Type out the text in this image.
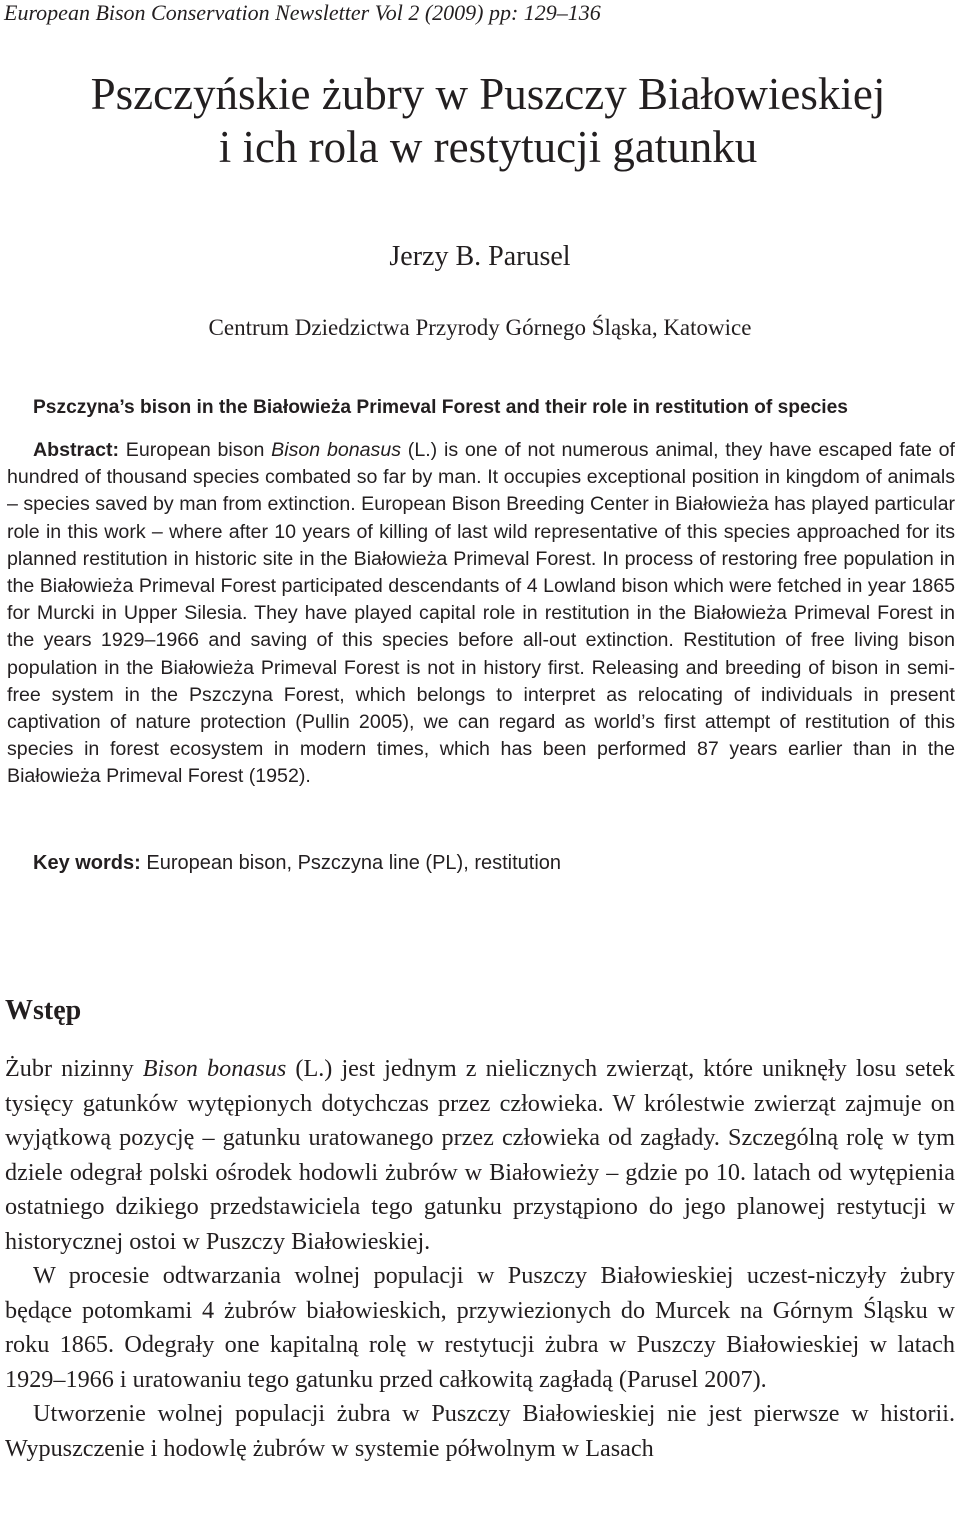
European Bison Conservation Newsletter Vol 2 (2009) pp: 129–136

Pszczyńskie żubry w Puszczy Białowieskiej
i ich rola w restytucji gatunku

Jerzy B. Parusel

Centrum Dziedzictwa Przyrody Górnego Śląska, Katowice

Pszczyna’s bison in the Białowieża Primeval Forest and their role in restitution of species

Abstract: European bison Bison bonasus (L.) is one of not numerous animal, they have escaped fate of hundred of thousand species combated so far by man. It occupies exceptional position in kingdom of animals – species saved by man from extinction. European Bison Breeding Center in Białowieża has played particular role in this work – where after 10 years of killing of last wild representative of this species approached for its planned restitution in historic site in the Białowieża Primeval Forest. In process of restoring free population in the Białowieża Primeval Forest participated descendants of 4 Lowland bison which were fetched in year 1865 for Murcki in Upper Silesia. They have played capital role in restitution in the Białowieża Primeval Forest in the years 1929–1966 and saving of this species before all-out extinction. Restitution of free living bison population in the Białowieża Primeval Forest is not in history first. Releasing and breeding of bison in semi-free system in the Pszczyna Forest, which belongs to interpret as relocating of individuals in present captivation of nature protection (Pullin 2005), we can regard as world’s first attempt of restitution of this species in forest ecosystem in modern times, which has been performed 87 years earlier than in the Białowieża Primeval Forest (1952).

Key words: European bison, Pszczyna line (PL), restitution

Wstęp

Żubr nizinny Bison bonasus (L.) jest jednym z nielicznych zwierząt, które uniknęły losu setek tysięcy gatunków wytępionych dotychczas przez człowieka. W królestwie zwierząt zajmuje on wyjątkową pozycję – gatunku uratowanego przez człowieka od zagłady. Szczególną rolę w tym dziele odegrał polski ośrodek hodowli żubrów w Białowieży – gdzie po 10. latach od wytępienia ostatniego dzikiego przedstawiciela tego gatunku przystąpiono do jego planowej restytucji w historycznej ostoi w Puszczy Białowieskiej.

W procesie odtwarzania wolnej populacji w Puszczy Białowieskiej uczest-niczyły żubry będące potomkami 4 żubrów białowieskich, przywiezionych do Murcek na Górnym Śląsku w roku 1865. Odegrały one kapitalną rolę w restytucji żubra w Puszczy Białowieskiej w latach 1929–1966 i uratowaniu tego gatunku przed całkowitą zagładą (Parusel 2007).

Utworzenie wolnej populacji żubra w Puszczy Białowieskiej nie jest pierwsze w historii. Wypuszczenie i hodowlę żubrów w systemie półwolnym w Lasach
